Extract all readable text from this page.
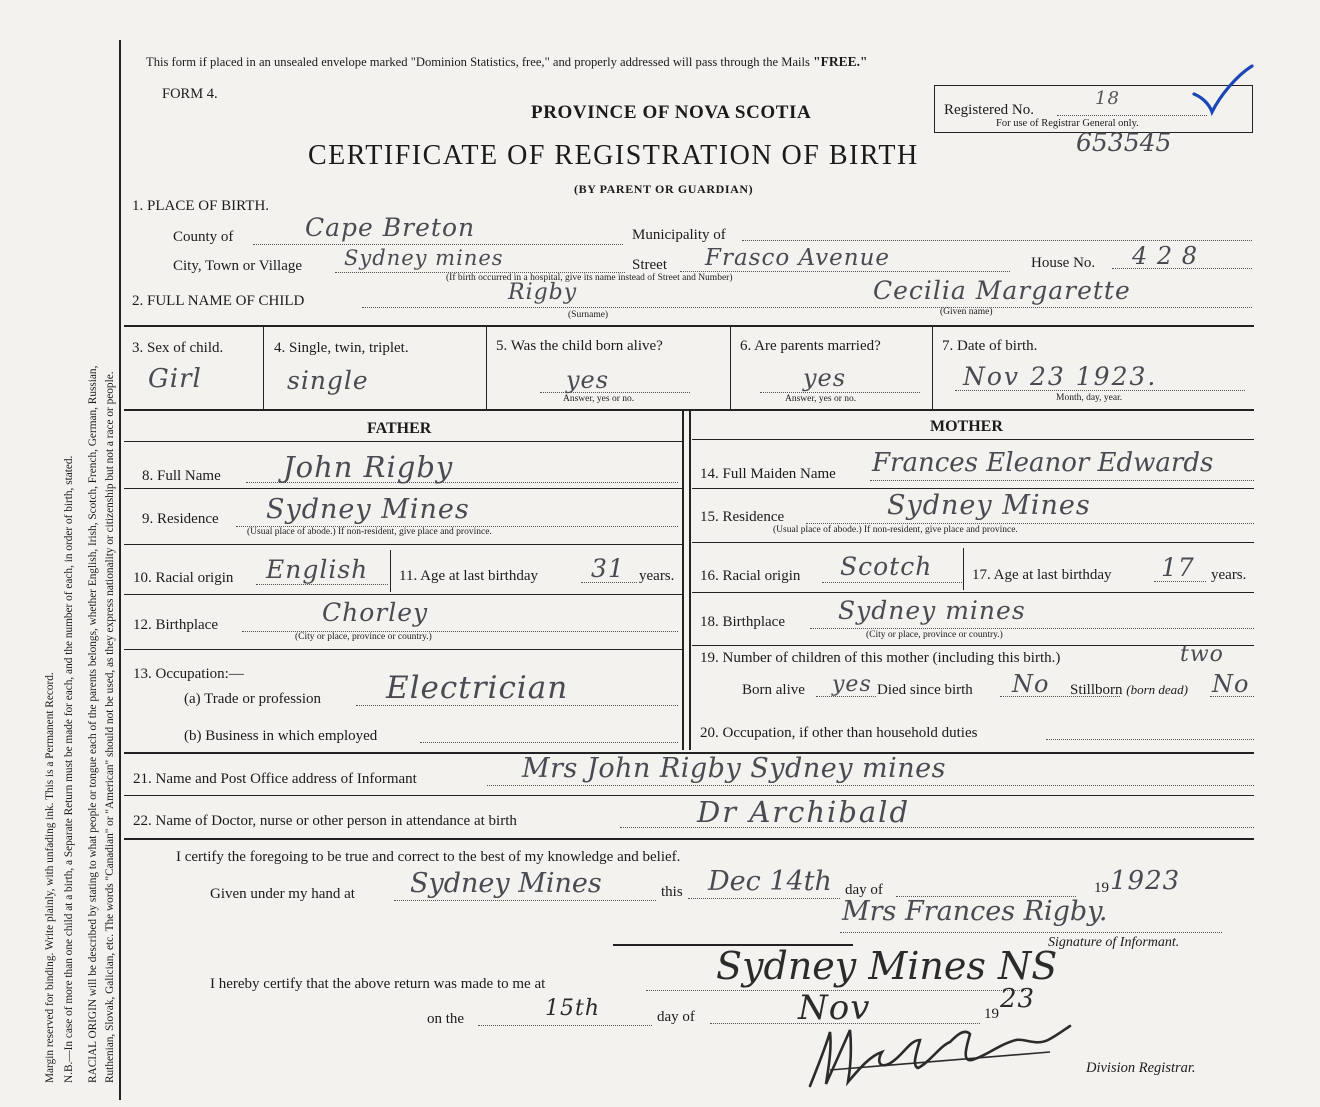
Margin reserved for binding. Write plainly, with unfading ink. This is a Permanent Record. N.B.—In case of more than one child at a birth, a Separate Return must be made for each, and the number of each, in order of birth, stated. RACIAL ORIGIN will be described by stating to what people or tongue each of the parents belongs, whether English, Irish, Scotch, French, German, Russian, Ruthenian, Slovak, Galician, etc. The words "Canadian" or "American" should not be used, as they express nationality or citizenship but not a race or people.
This form if placed in an unsealed envelope marked "Dominion Statistics, free," and properly addressed will pass through the Mails "FREE."
FORM 4.
PROVINCE OF NOVA SCOTIA
CERTIFICATE OF REGISTRATION OF BIRTH
(BY PARENT OR GUARDIAN)
Registered No.
18
For use of Registrar General only.
653545
1. PLACE OF BIRTH.
County of	Cape Breton	Municipality of
City, Town or Village Sydney mines	Street Frasco Avenue	House No. 4 2 8
(If birth occurred in a hospital, give its name instead of Street and Number)
2. FULL NAME OF CHILD	Rigby
(Surname)
Cecilia Margarette
(Given name)
3. Sex of child.
Girl
4. Single, twin, triplet.
single
5. Was the child born alive?
yes
Answer, yes or no.
6. Are parents married?
yes
Answer, yes or no.
7. Date of birth.
Nov 23 1923.
Month, day, year.
FATHER	MOTHER
8. Full Name John Rigby
9. Residence Sydney Mines
(Usual place of abode.) If non-resident, give place and province.
10. Racial origin English 11. Age at last birthday 31 years.
12. Birthplace	Chorley
(City or place, province or country.)
13. Occupation:—
(a) Trade or profession Electrician
(b) Business in which employed
14. Full Maiden Name Frances Eleanor Edwards
15. Residence	Sydney Mines
(Usual place of abode.) If non-resident, give place and province.
16. Racial origin Scotch	17. Age at last birthday 17 years.
18. Birthplace Sydney mines
(City or place, province or country.)
19. Number of children of this mother (including this birth.)	two
Born alive yes Died since birth No Stillborn (born dead) No
20. Occupation, if other than household duties
21. Name and Post Office address of Informant	Mrs John Rigby Sydney mines
22. Name of Doctor, nurse or other person in attendance at birth	Dr Archibald
I certify the foregoing to be true and correct to the best of my knowledge and belief.
Given under my hand at Sydney Mines	this Dec 14th day of	19 1923
Mrs Frances Rigby.
Signature of Informant.
I hereby certify that the above return was made to me at	Sydney Mines NS
on the	15th	day of	Nov	19 23
Division Registrar.
